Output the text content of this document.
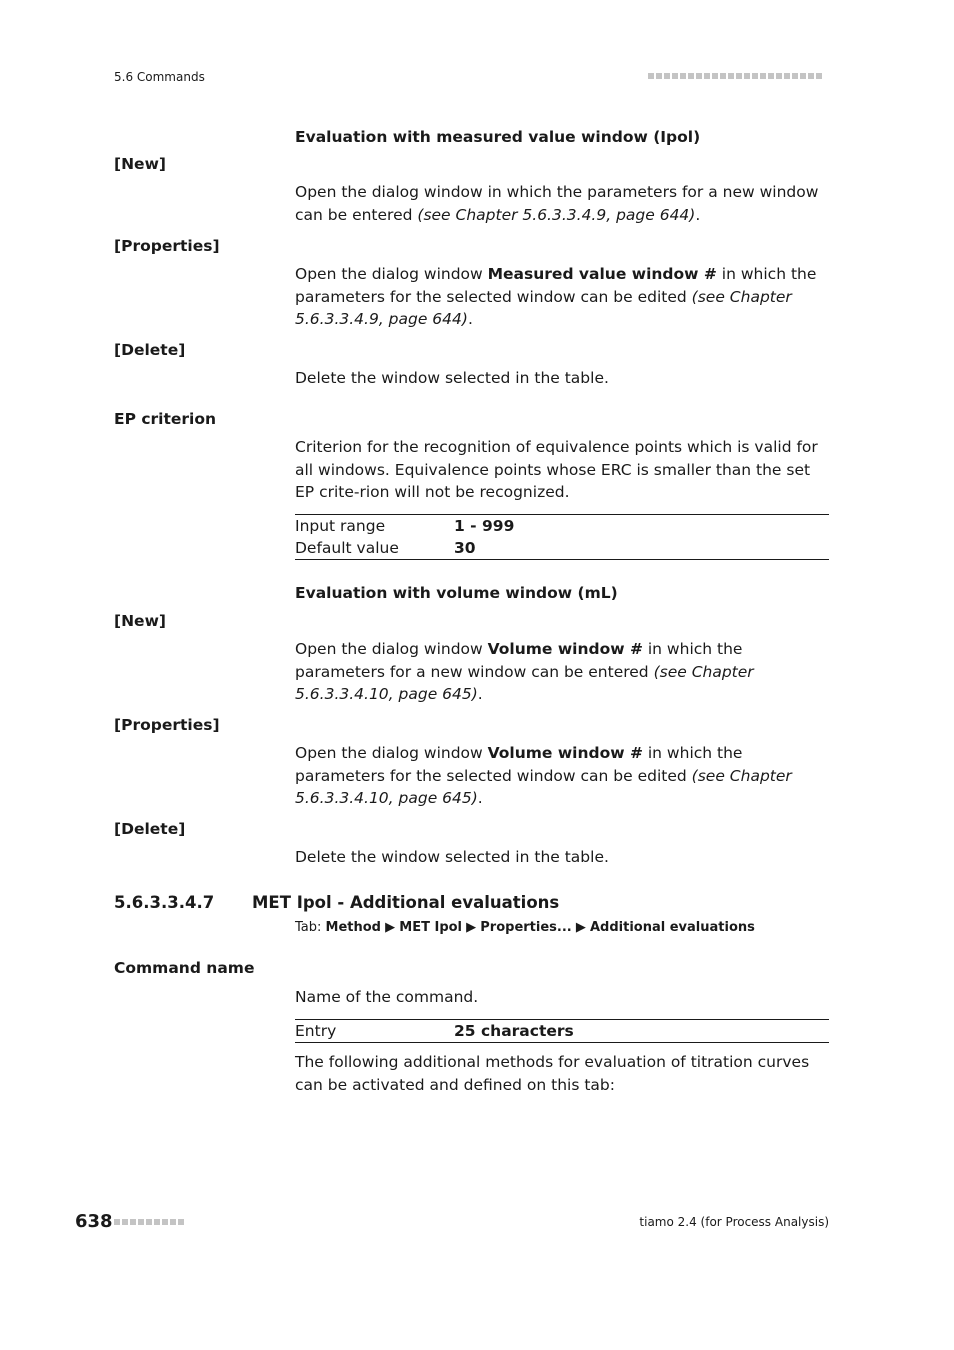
5.6 Commands
Evaluation with measured value window (Ipol)
[New]
Open the dialog window in which the parameters for a new window can be entered (see Chapter 5.6.3.3.4.9, page 644).
[Properties]
Open the dialog window Measured value window # in which the parameters for the selected window can be edited (see Chapter 5.6.3.3.4.9, page 644).
[Delete]
Delete the window selected in the table.
EP criterion
Criterion for the recognition of equivalence points which is valid for all windows. Equivalence points whose ERC is smaller than the set EP crite-rion will not be recognized.
Input range	1 - 999
Default value	30
Evaluation with volume window (mL)
[New]
Open the dialog window Volume window # in which the parameters for a new window can be entered (see Chapter 5.6.3.3.4.10, page 645).
[Properties]
Open the dialog window Volume window # in which the parameters for the selected window can be edited (see Chapter 5.6.3.3.4.10, page 645).
[Delete]
Delete the window selected in the table.
5.6.3.3.4.7 MET Ipol - Additional evaluations
Tab: Method ▶ MET Ipol ▶ Properties... ▶ Additional evaluations
Command name
Name of the command.
Entry	25 characters
The following additional methods for evaluation of titration curves can be activated and defined on this tab:
638	tiamo 2.4 (for Process Analysis)
